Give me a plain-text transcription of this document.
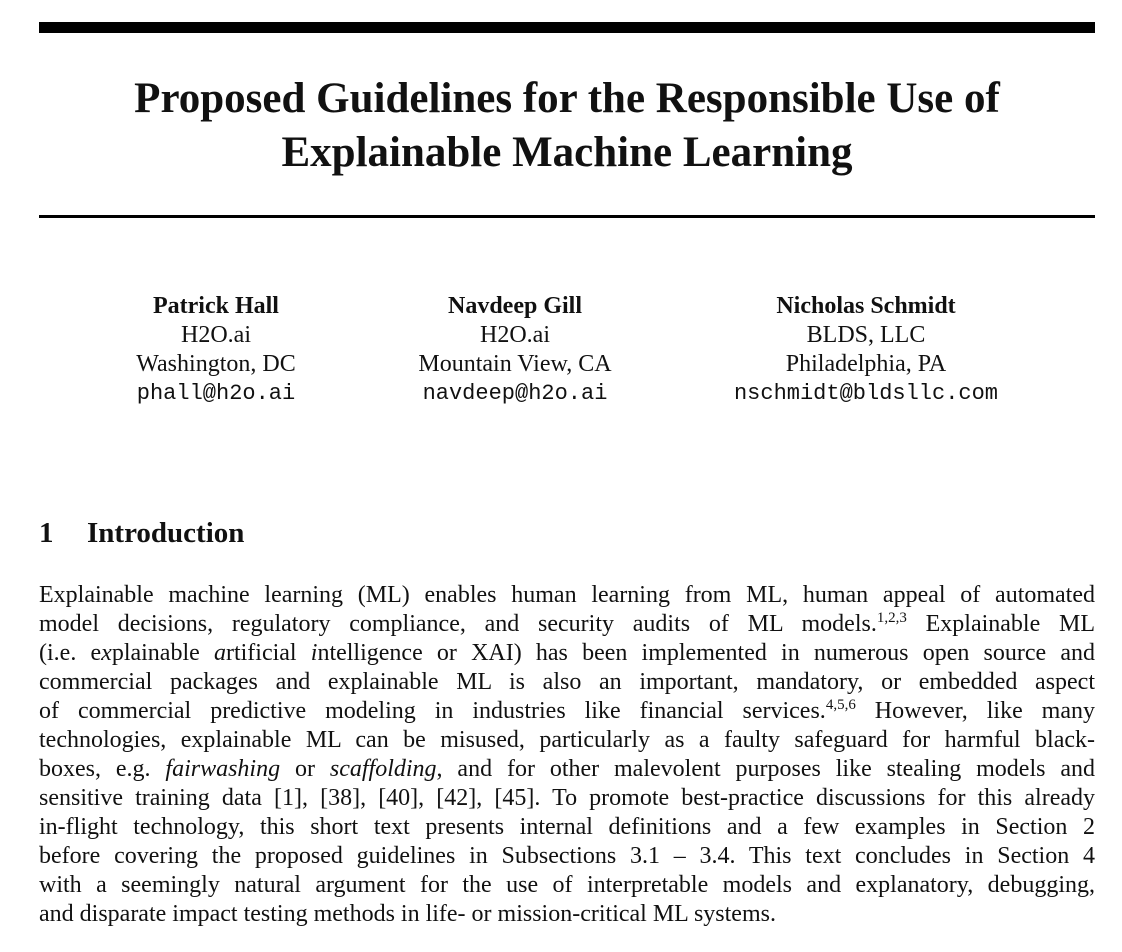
Proposed Guidelines for the Responsible Use of
Explainable Machine Learning
Patrick Hall
H2O.ai
Washington, DC
phall@h2o.ai
Navdeep Gill
H2O.ai
Mountain View, CA
navdeep@h2o.ai
Nicholas Schmidt
BLDS, LLC
Philadelphia, PA
nschmidt@bldsllc.com
1 Introduction
Explainable machine learning (ML) enables human learning from ML, human appeal of automated
model decisions, regulatory compliance, and security audits of ML models.$^{1,2,3}$ Explainable ML
(i.e. explainable artificial intelligence or XAI) has been implemented in numerous open source and
commercial packages and explainable ML is also an important, mandatory, or embedded aspect
of commercial predictive modeling in industries like financial services.$^{4,5,6}$ However, like many
technologies, explainable ML can be misused, particularly as a faulty safeguard for harmful black-
boxes, e.g. fairwashing or scaffolding, and for other malevolent purposes like stealing models and
sensitive training data [1], [38], [40], [42], [45]. To promote best-practice discussions for this already
in-flight technology, this short text presents internal definitions and a few examples in Section 2
before covering the proposed guidelines in Subsections 3.1 – 3.4. This text concludes in Section 4
with a seemingly natural argument for the use of interpretable models and explanatory, debugging,
and disparate impact testing methods in life- or mission-critical ML systems.
